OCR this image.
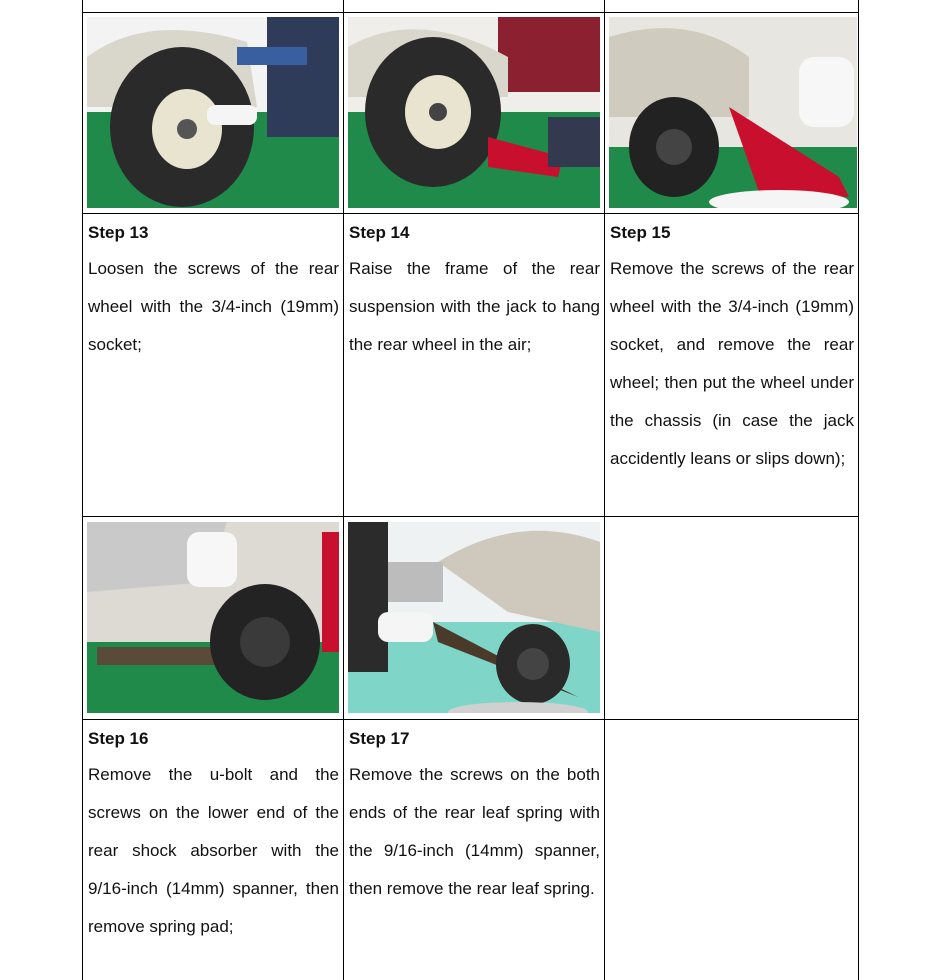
Step 13
Loosen the screws of the rear wheel with the 3/4-inch (19mm) socket;
Step 14
Raise the frame of the rear suspension with the jack to hang the rear wheel in the air;
Step 15
Remove the screws of the rear wheel with the 3/4-inch (19mm) socket, and remove the rear wheel; then put the wheel under the chassis (in case the jack accidently leans or slips down);
Step 16
Remove the u-bolt and the screws on the lower end of the rear shock absorber with the 9/16-inch (14mm) spanner, then remove spring pad;
Step 17
Remove the screws on the both ends of the rear leaf spring with the 9/16-inch (14mm) spanner, then remove the rear leaf spring.
